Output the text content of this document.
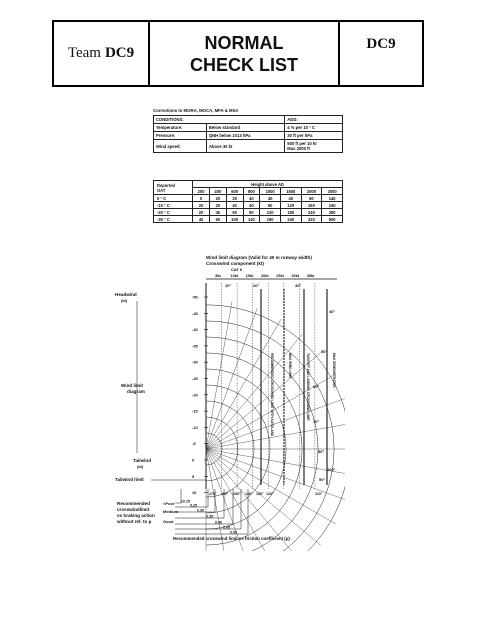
Team DC9
NORMAL
CHECK LIST
DC9
Corrections to MORA, MOCA, MFA & MSA
CONDITIONS:		ADD:
Temperature:	Below standard	4 % per 10 ° C
Pressure:	QNH below 1013 hPa	30 ft per hPa
Wind speed:	Above 30 kt	500 ft per 10 kt
Max 2000 ft
Reported
OAT	Height above AD							
	200	400	600	800	1000	1500	2000	3000
0 ° C	0	20	20	40	40	40	60	140
-10 ° C	20	20	40	40	60	120	160	240
-20 ° C	20	40	60	80	120	180	240	380
-30 ° C	40	60	100	140	160	240	320	500
Wind limit diagram (Valid for 40 m runway width)
Crosswind component (kt)
CAT II
5kt	10kt 15kt 20kt 25kt 30kt 35kt
-50
-45
-40
-35
-30
-25
-20
-15
-10
-5
0
5
10
10°	20°	30°
40°
50°
60°
70°
80°
90°
100°
170° 160° 150° 140° 130° 120°	110°
Headwind
(kt)
Wind limit
diagram
Tailwind
(kt)
Tailwind limit
MAX WIND LIMIT
RECOMMENDED CROSSWIND LIMIT WITH AUTOLAND	TAKEOFF AND LANDING CROSSWIND LIMIT	MAX DEMONSTRATED
Recommended
crosswindlimit
vs braking action
without ref. to μ
<Poor
Medium
Good
≥0.25
0.25
0.30
0.35
0.40
0.45
0.50
Recommended crosswind limit vs friction coefficient (μ)
